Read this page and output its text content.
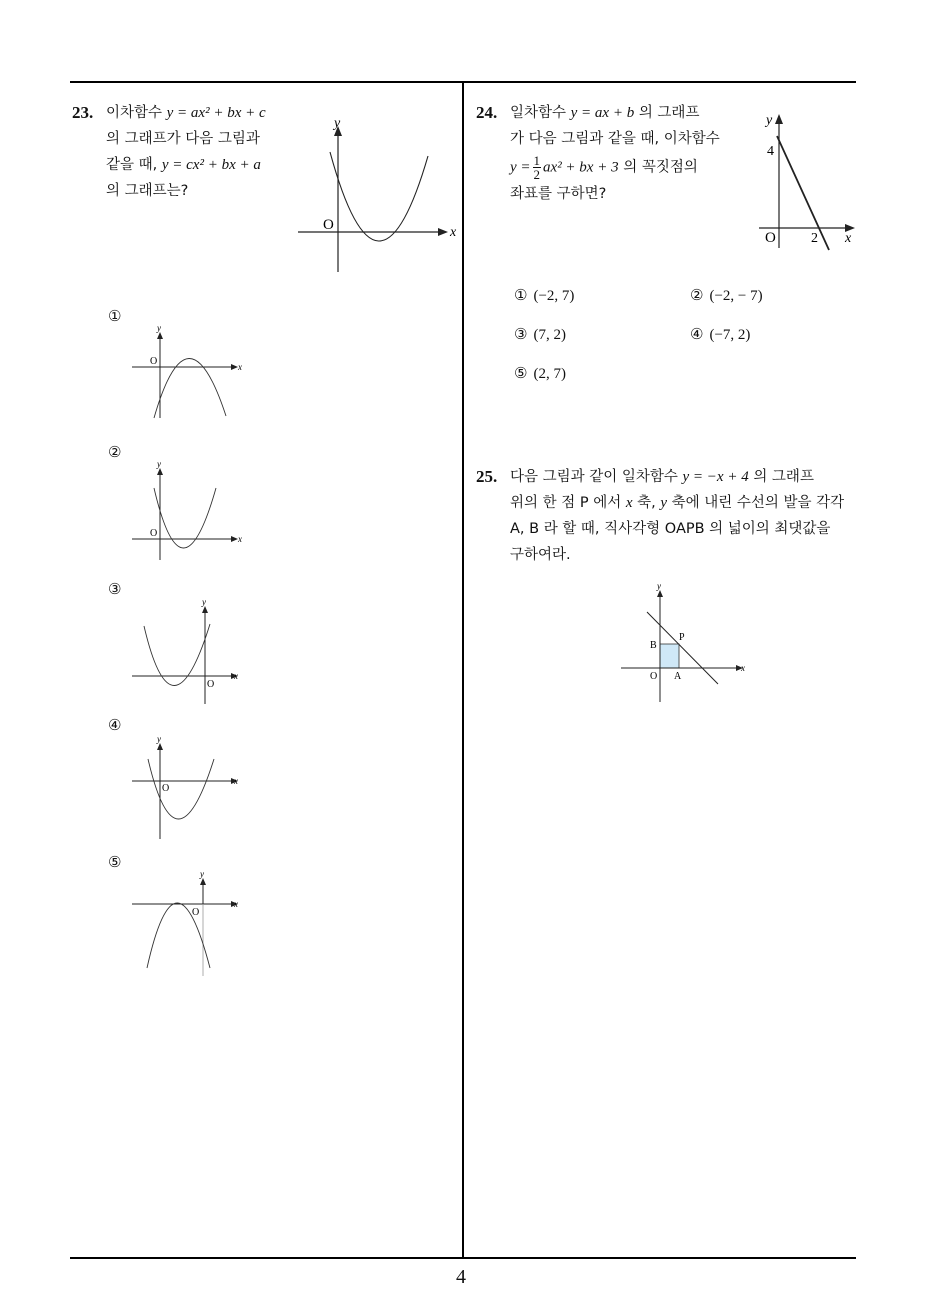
23. 이차함수 y = ax² + bx + c
의 그래프가 다음 그림과
같을 때, y = cx² + bx + a
의 그래프는?
x
y
O
①
x
y
O
②
x
y
O
③
x
y
O
④
x
y
O
⑤
x
y
O
24. 일차함수 y = ax + b 의 그래프
가 다음 그림과 같을 때, 이차함수
$y = \frac{1}{2} ax^2$ + bx + 3 의 꼭짓점의
좌표를 구하면?
x
y
O
4
2
① (−2, 7)	② (−2, − 7)
③ (7, 2)	④ (−7, 2)
⑤ (2, 7)
25. 다음 그림과 같이 일차함수 y = −x + 4 의 그래프
위의 한 점 P 에서 x 축, y 축에 내린 수선의 발을 각각
A, B 라 할 때, 직사각형 OAPB 의 넓이의 최댓값을
구하여라.
x
y
O A
B
P
4
